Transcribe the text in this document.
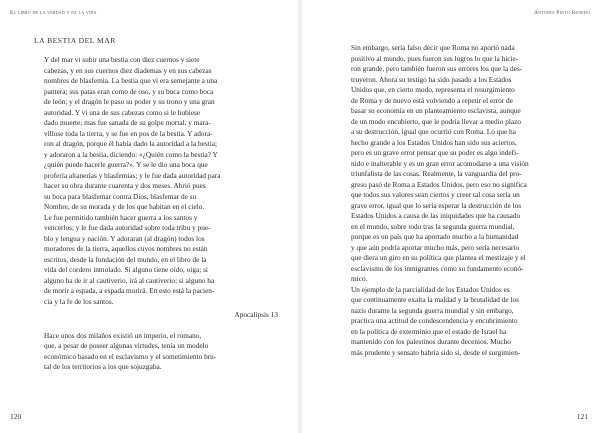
El libro de la verdad y de la vida
LA BESTIA DEL MAR

Y del mar vi subir una bestia con diez cuernos y siete
cabezas, y en sus cuernos diez diademas y en sus cabezas
nombres de blasfemia. La bestia que vi era semejante a una
pantera; sus patas eran como de oso, y su boca como boca
de león; y el dragón le paso su poder y su trono y una gran
autoridad. Y vi una de sus cabezas como si le hubiese
dado muerte; mas fue sanada de su golpe mortal, y mara-
villose toda la tierra, y se fue en pos de la bestia. Y adora-
ron al dragón, porque él había dado la autoridad a la bestia;
y adoraron a la bestia, diciendo: «¿Quién como la bestia? Y
¿quién puede hacerle guerra?». Y se le dio una boca que
profería altanerías y blasfemias; y le fue dada autoridad para
hacer su obra durante cuarenta y dos meses. Abrió pues
su boca para blasfemar contra Dios, blasfemar de su
Nombre, de su morada y de los que habitan en el cielo.
Le fue permitido también hacer guerra a los santos y
vencerlos; y le fue dada autoridad sobre toda tribu y pue-
blo y lengua y nación. Y adoraran (al dragón) todos los
moradores de la tierra, aquellos cuyos nombres no están
escritos, desde la fundación del mundo, en el libro de la
vida del cordero inmolado. Si alguno tiene oído, oiga; si
alguno ha de ir al cautiverio, irá al cautiverio; si alguno ha
de morir a espada, a espada morirá. En esto está la pacien-
cia y la fe de los santos.

Apocalipsis 13

Hace unos dos milaños existió un imperio, el romano,
que, a pesar de poseer algunas virtudes, tenía un modelo
económico basado en el esclavismo y el sometimiento bru-
tal de los territorios a los que sojuzgaba.

120
Antonio Pinto Renedo

Sin embargo, sería falso decir que Roma no aportó nada
positivo al mundo, pues fueron sus logros lo que la hicie-
ron grande, pero también fueron sus errores los que la des-
truyeron. Ahora su testigo ha sido pasado a los Estados
Unidos que, en cierto modo, representa el resurgimiento
de Roma y de nuevo está volviendo a repetir el error de
basar su economía en un planteamiento esclavista, aunque
de un modo encubierto, que le podría llevar a medio plazo
a su destrucción, igual que ocurrió con Roma. Lo que ha
hecho grande a los Estados Unidos han sido sus aciertos,
pero es un grave error pensar que su poder es algo indefi-
nido e inalterable y es un gran error acomodarse a una visión
triunfalista de las cosas. Realmente, la vanguardia del pro-
greso pasó de Roma a Estados Unidos, pero eso no significa
que todos sus valores sean ciertos y creer tal cosa sería un
grave error, igual que lo sería esperar la destrucción de los
Estados Unidos a causa de las iniquidades que ha causado
en el mundo, sobre todo tras la segunda guerra mundial,
porque es un país que ha aportado mucho a la humanidad
y que aún podría aportar mucho más, pero sería necesario
que diera un giro en su política que plantea el mestizaje y el
esclavismo de los inmigrantes como su fundamento econó-
mico.

Un ejemplo de la parcialidad de los Estados Unidos es
que continuamente exalta la maldad y la brutalidad de los
nazis durante la segunda guerra mundial y sin embargo,
practica una actitud de condescendencia y encubrimiento
en la política de exterminio que el estado de Israel ha
mantenido con los palestinos durante decenios. Mucho
más prudente y sensato habría sido si, desde el surgimien-

121
